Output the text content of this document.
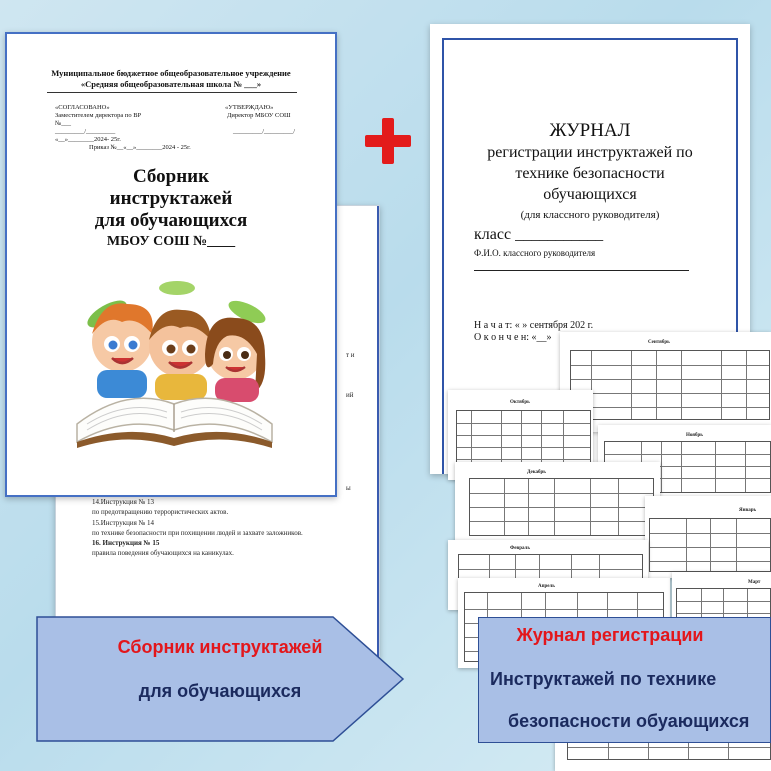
т и
ий
ы
14.Инструкция № 13
по предотвращению террористических актов.
15.Инструкция № 14
по технике безопасности при похищении людей и захвате заложников.
16. Инструкция № 15
правила поведения обучающихся на каникулах.
Муниципальное бюджетное общеобразовательное учреждение
«Средняя общеобразовательная школа № ___»
«СОГЛАСОВАНО»
Заместителем директора по ВР
№___
_________/_________
«__»________2024- 25г.
Приказ №__«__»________2024 - 25г.
«УТВЕРЖДАЮ»
Директор МБОУ СОШ
_________/_________/
Сборник
инструктажей
для обучающихся
МБОУ СОШ №____
ЖУРНАЛ
регистрации инструктажей по
технике безопасности
обучающихся
(для классного руководителя)
класс ___________
Ф.И.О. классного руководителя
Н а ч а т: « » сентября 202 г.
О к о н ч е н: «__»	Сентябрь
Октябрь
Ноябрь
Декабрь
Январь
Февраль
Апрель
Март
Сборник инструктажей
для обучающихся
Журнал регистрации
Инструктажей по технике
безопасности обуающихся
